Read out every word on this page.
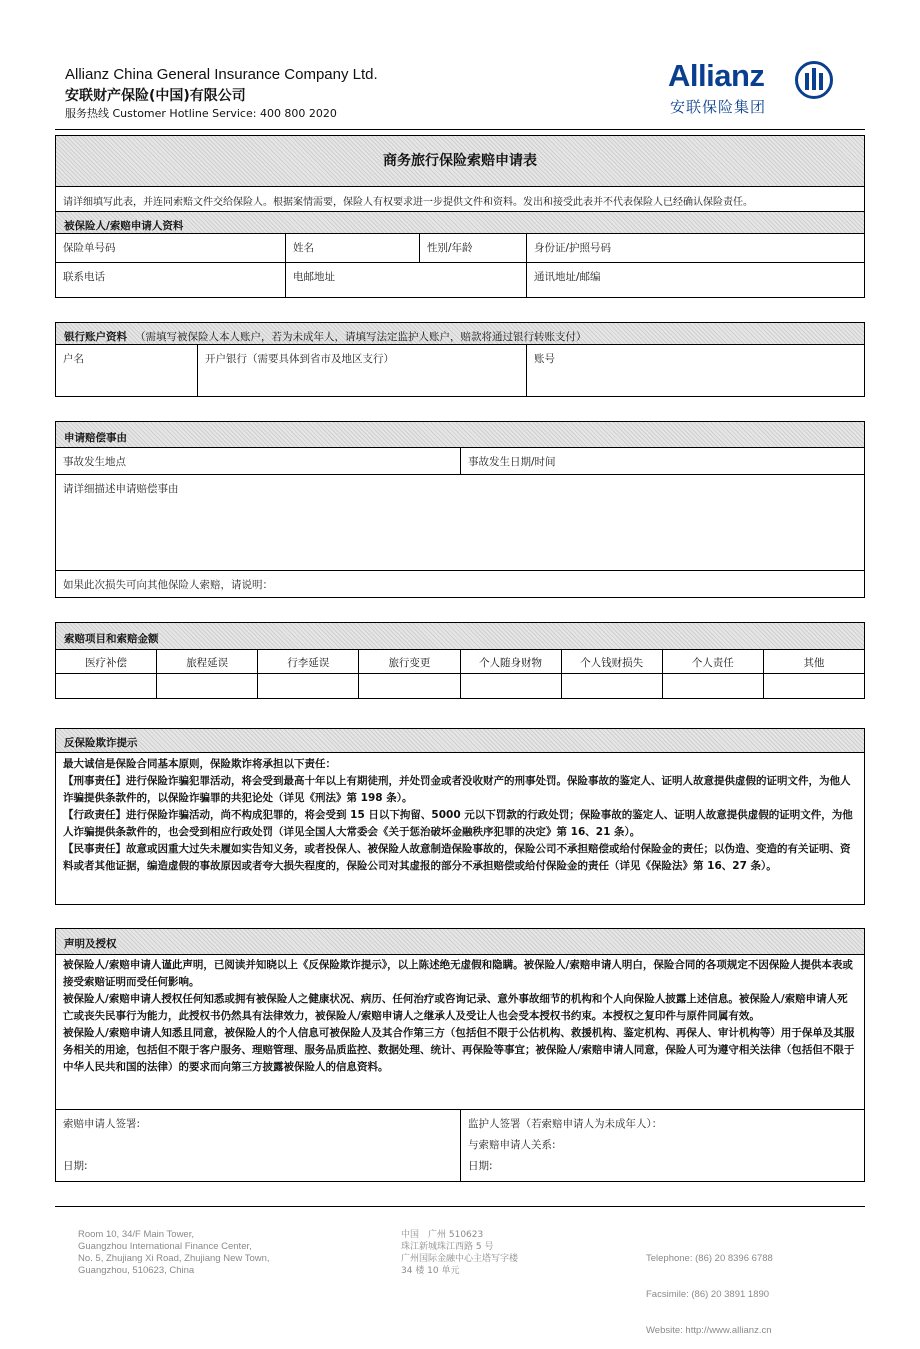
Allianz China General Insurance Company Ltd.
安联财产保险(中国)有限公司
服务热线 Customer Hotline Service: 400 800 2020
Allianz
安联保险集团
商务旅行保险索赔申请表
请详细填写此表，并连同索赔文件交给保险人。根据案情需要，保险人有权要求进一步提供文件和资料。发出和接受此表并不代表保险人已经确认保险责任。
被保险人/索赔申请人资料
保险单号码	姓名	性别/年龄	身份证/护照号码
联系电话	电邮地址	通讯地址/邮编
银行账户资料 （需填写被保险人本人账户，若为未成年人，请填写法定监护人账户，赔款将通过银行转账支付）
户名	开户银行（需要具体到省市及地区支行）	账号
申请赔偿事由
事故发生地点	事故发生日期/时间
请详细描述申请赔偿事由
如果此次损失可向其他保险人索赔，请说明：
索赔项目和索赔金额
医疗补偿	旅程延误	行李延误	旅行变更	个人随身财物	个人钱财损失	个人责任	其他
反保险欺诈提示

最大诚信是保险合同基本原则，保险欺诈将承担以下责任：

【刑事责任】进行保险诈骗犯罪活动，将会受到最高十年以上有期徒刑，并处罚金或者没收财产的刑事处罚。保险事故的鉴定人、证明人故意提供虚假的证明文件，为他人诈骗提供条款件的，以保险诈骗罪的共犯论处（详见《刑法》第 198 条）。

【行政责任】进行保险诈骗活动，尚不构成犯罪的，将会受到 15 日以下拘留、5000 元以下罚款的行政处罚；保险事故的鉴定人、证明人故意提供虚假的证明文件，为他人诈骗提供条款件的，也会受到相应行政处罚（详见全国人大常委会《关于惩治破坏金融秩序犯罪的决定》第 16、21 条）。

【民事责任】故意或因重大过失未履如实告知义务，或者投保人、被保险人故意制造保险事故的，保险公司不承担赔偿或给付保险金的责任；以伪造、变造的有关证明、资料或者其他证据，编造虚假的事故原因或者夸大损失程度的，保险公司对其虚报的部分不承担赔偿或给付保险金的责任（详见《保险法》第 16、27 条）。

声明及授权

被保险人/索赔申请人谨此声明，已阅读并知晓以上《反保险欺诈提示》，以上陈述绝无虚假和隐瞒。被保险人/索赔申请人明白，保险合同的各项规定不因保险人提供本表或接受索赔证明而受任何影响。

被保险人/索赔申请人授权任何知悉或拥有被保险人之健康状况、病历、任何治疗或咨询记录、意外事故细节的机构和个人向保险人披露上述信息。被保险人/索赔申请人死亡或丧失民事行为能力，此授权书仍然具有法律效力，被保险人/索赔申请人之继承人及受让人也会受本授权书约束。本授权之复印件与原件同属有效。

被保险人/索赔申请人知悉且同意，被保险人的个人信息可被保险人及其合作第三方（包括但不限于公估机构、救援机构、鉴定机构、再保人、审计机构等）用于保单及其服务相关的用途，包括但不限于客户服务、理赔管理、服务品质监控、数据处理、统计、再保险等事宜；被保险人/索赔申请人同意，保险人可为遵守相关法律（包括但不限于中华人民共和国的法律）的要求而向第三方披露被保险人的信息资料。

索赔申请人签署:
日期:
监护人签署（若索赔申请人为未成年人）：
与索赔申请人关系:
日期:
Room 10, 34/F Main Tower,
Guangzhou International Finance Center,
No. 5, Zhujiang Xi Road, Zhujiang New Town,
Guangzhou, 510623, China
中国　广州 510623
珠江新城珠江西路 5 号
广州国际金融中心主塔写字楼
34 楼 10 单元

Telephone: (86) 20 8396 6788

Facsimile: (86) 20 3891 1890

Website: http://www.allianz.cn
